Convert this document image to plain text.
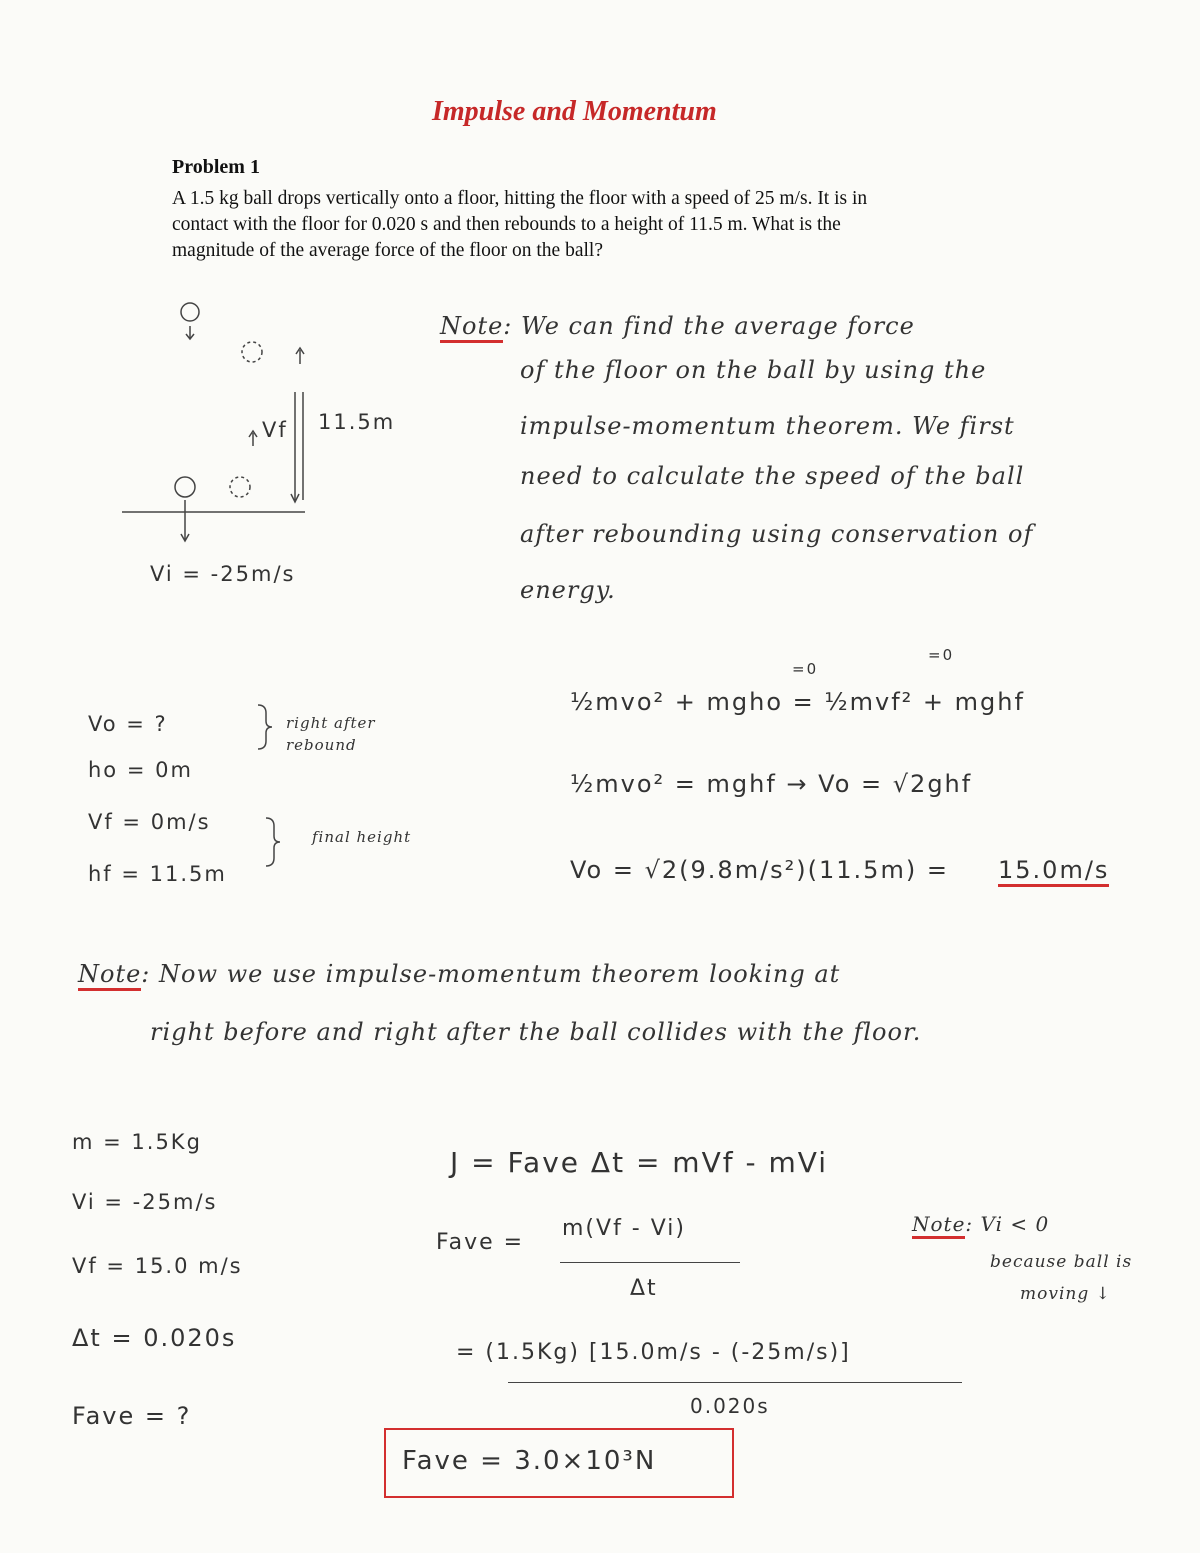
Impulse and Momentum
Problem 1
A 1.5 kg ball drops vertically onto a floor, hitting the floor with a speed of 25 m/s. It is in
contact with the floor for 0.020 s and then rebounds to a height of 11.5 m. What is the
magnitude of the average force of the floor on the ball?
11.5m
Vf
Vi = -25m/s
Note: We can find the average force
of the floor on the ball by using the
impulse-momentum theorem. We first
need to calculate the speed of the ball
after rebounding using conservation of
energy.
Vo = ?
ho = 0m
Vf = 0m/s
hf = 11.5m
right after rebound
final height
=0
=0
½mvo² + mgho = ½mvf² + mghf
½mvo² = mghf → Vo = √2ghf
Vo = √2(9.8m/s²)(11.5m) = 15.0m/s
Note: Now we use impulse-momentum theorem looking at
right before and right after the ball collides with the floor.
m = 1.5Kg
Vi = -25m/s
Vf = 15.0 m/s
Δt = 0.020s
Fave = ?
J = Fave Δt = mVf - mVi
Fave =
m(Vf - Vi)
Δt
= (1.5Kg) [15.0m/s - (-25m/s)]
0.020s
Fave = 3.0×10³N
Note: Vi < 0
because ball is
moving ↓
